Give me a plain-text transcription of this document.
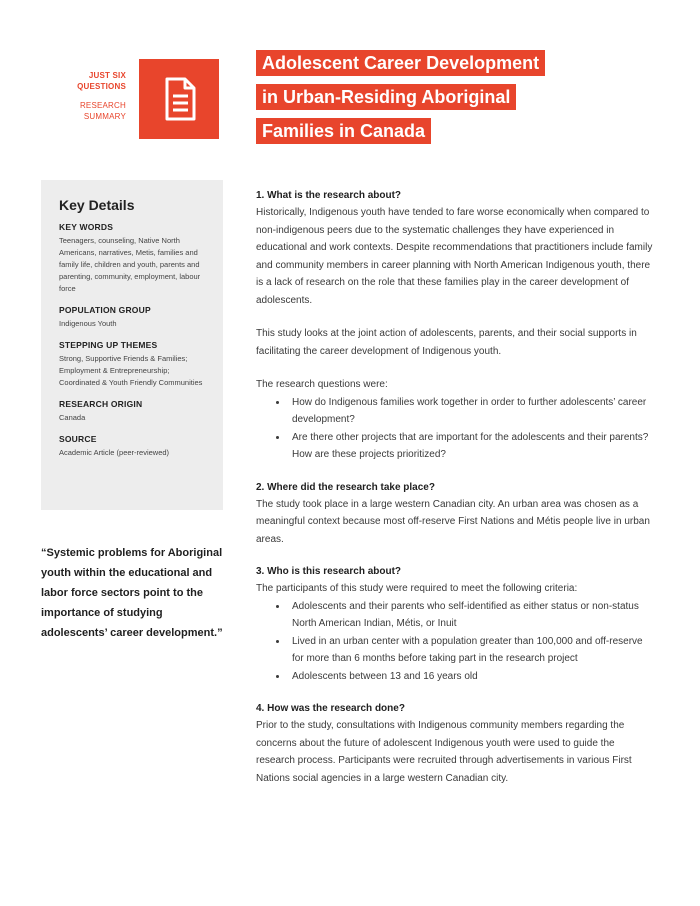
JUST SIX
QUESTIONS
RESEARCH
SUMMARY
Adolescent Career Development
in Urban-Residing Aboriginal
Families in Canada
Key Details
KEY WORDS
Teenagers, counseling, Native North Americans, narratives, Metis, families and family life, children and youth, parents and parenting, community, employment, labour force
POPULATION GROUP
Indigenous Youth
STEPPING UP THEMES
Strong, Supportive Friends & Families; Employment & Entrepreneurship; Coordinated & Youth Friendly Communities
RESEARCH ORIGIN
Canada
SOURCE
Academic Article (peer-reviewed)
“Systemic problems for Aboriginal youth within the educational and labor force sectors point to the importance of studying adolescents’ career development.”

1. What is the research about?

Historically, Indigenous youth have tended to fare worse economically when compared to non-indigenous peers due to the systematic challenges they have experienced in educational and work contexts. Despite recommendations that practitioners include family and community members in career planning with North American Indigenous youth, there is a lack of research on the role that these families play in the career development of adolescents.

This study looks at the joint action of adolescents, parents, and their social supports in facilitating the career development of Indigenous youth.

The research questions were:

• How do Indigenous families work together in order to further adolescents’ career development?
• Are there other projects that are important for the adolescents and their parents? How are these projects prioritized?

2. Where did the research take place?

The study took place in a large western Canadian city. An urban area was chosen as a meaningful context because most off-reserve First Nations and Métis people live in urban areas.

3. Who is this research about?

The participants of this study were required to meet the following criteria:

• Adolescents and their parents who self-identified as either status or non-status North American Indian, Métis, or Inuit
• Lived in an urban center with a population greater than 100,000 and off-reserve for more than 6 months before taking part in the research project
• Adolescents between 13 and 16 years old

4. How was the research done?

Prior to the study, consultations with Indigenous community members regarding the concerns about the future of adolescent Indigenous youth were used to guide the research process. Participants were recruited through advertisements in various First Nations social agencies in a large western Canadian city.
